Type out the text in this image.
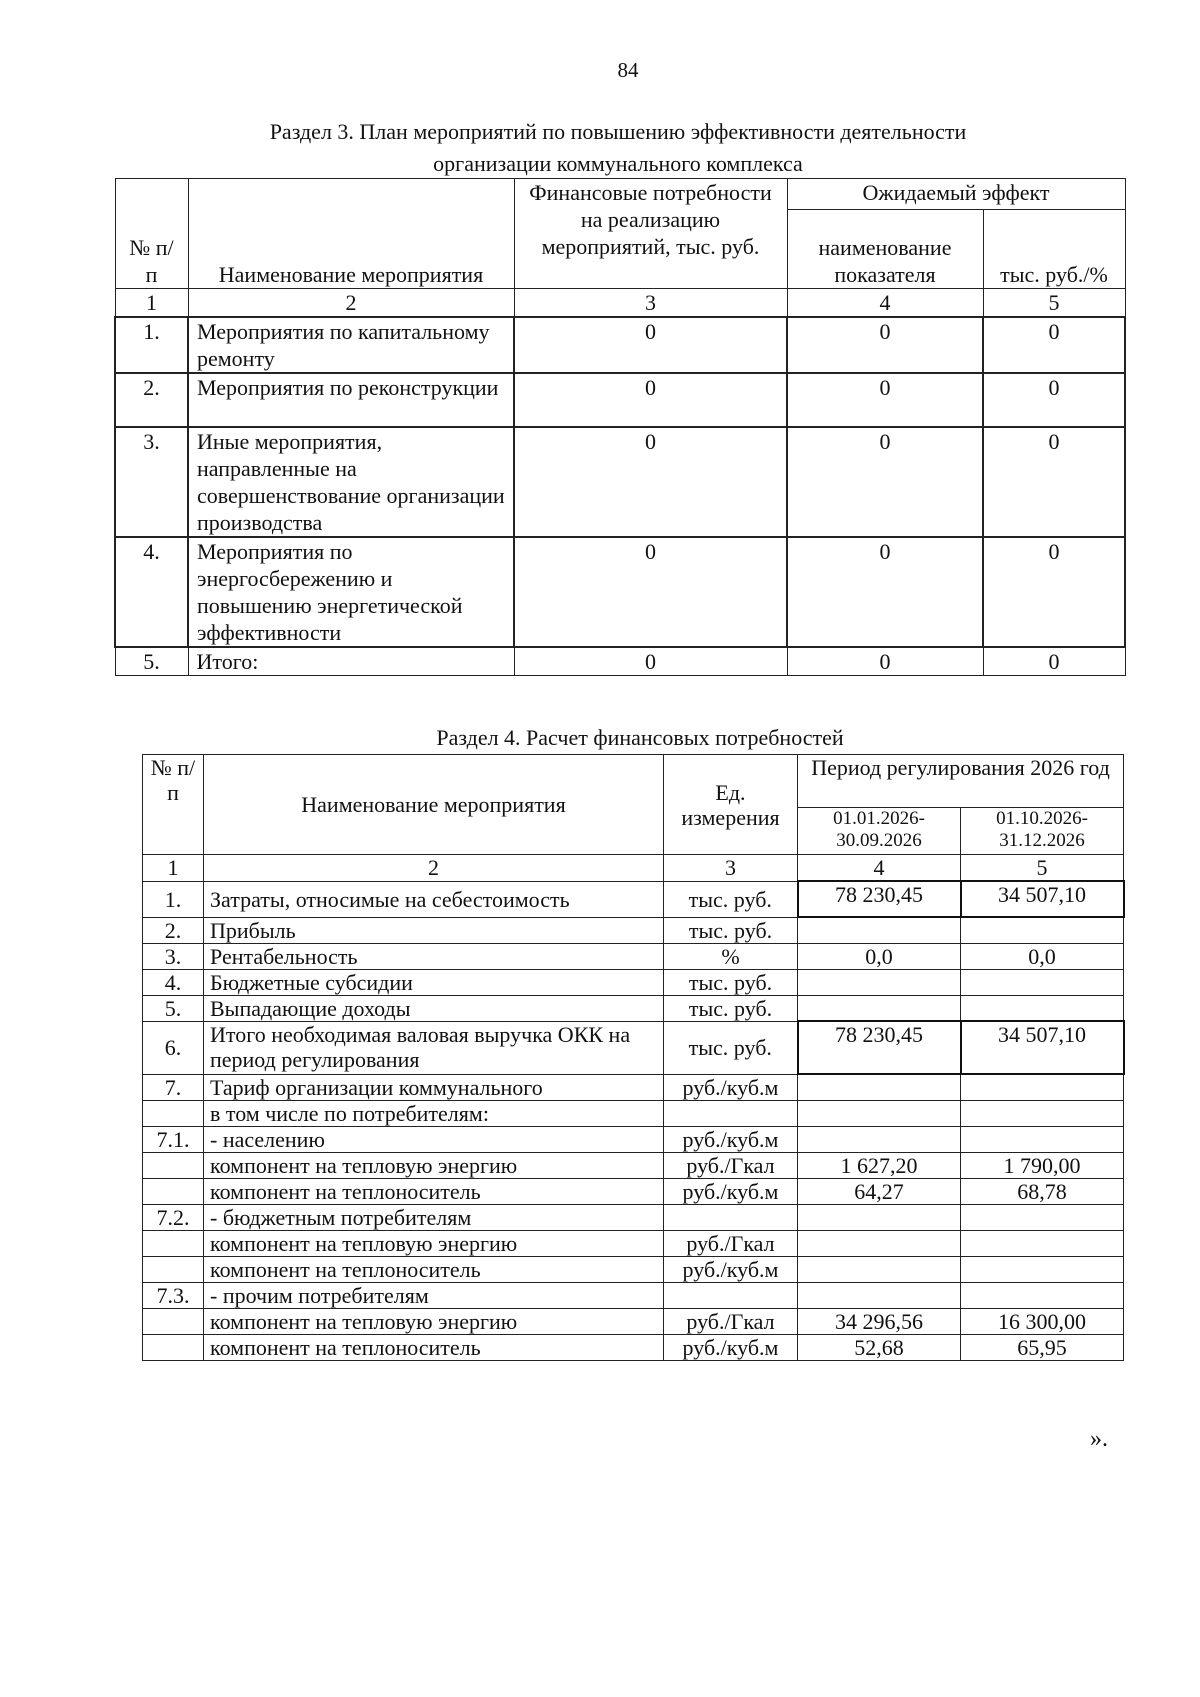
84
Раздел 3. План мероприятий по повышению эффективности деятельности
организации коммунального комплекса
№ п/п	Наименование мероприятия	Финансовые потребности на реализацию мероприятий, тыс. руб.	Ожидаемый эффект	
			наименование показателя	тыс. руб./%
1	2	3	4	5
1.	Мероприятия по капитальному ремонту	0	0	0
2.	Мероприятия по реконструкции	0	0	0
3.	Иные мероприятия, направленные на совершенствование организации производства	0	0	0
4.	Мероприятия по энергосбережению и повышению энергетической эффективности	0	0	0
5.	Итого:	0	0	0
Раздел 4. Расчет финансовых потребностей
№ п/п	Наименование мероприятия	Ед. измерения	Период регулирования 2026 год	
			01.01.2026-30.09.2026	01.10.2026-31.12.2026
1	2	3	4	5
1.	Затраты, относимые на себестоимость	тыс. руб.	78 230,45	34 507,10
2.	Прибыль	тыс. руб.		
3.	Рентабельность	%	0,0	0,0
4.	Бюджетные субсидии	тыс. руб.		
5.	Выпадающие доходы	тыс. руб.		
6.	Итого необходимая валовая выручка ОКК на период регулирования	тыс. руб.	78 230,45	34 507,10
7.	Тариф организации коммунального	руб./куб.м		
	в том числе по потребителям:			
7.1.	- населению	руб./куб.м		
	компонент на тепловую энергию	руб./Гкал	1 627,20	1 790,00
	компонент на теплоноситель	руб./куб.м	64,27	68,78
7.2.	- бюджетным потребителям			
	компонент на тепловую энергию	руб./Гкал		
	компонент на теплоноситель	руб./куб.м		
7.3.	- прочим потребителям			
	компонент на тепловую энергию	руб./Гкал	34 296,56	16 300,00
	компонент на теплоноситель	руб./куб.м	52,68	65,95
».
